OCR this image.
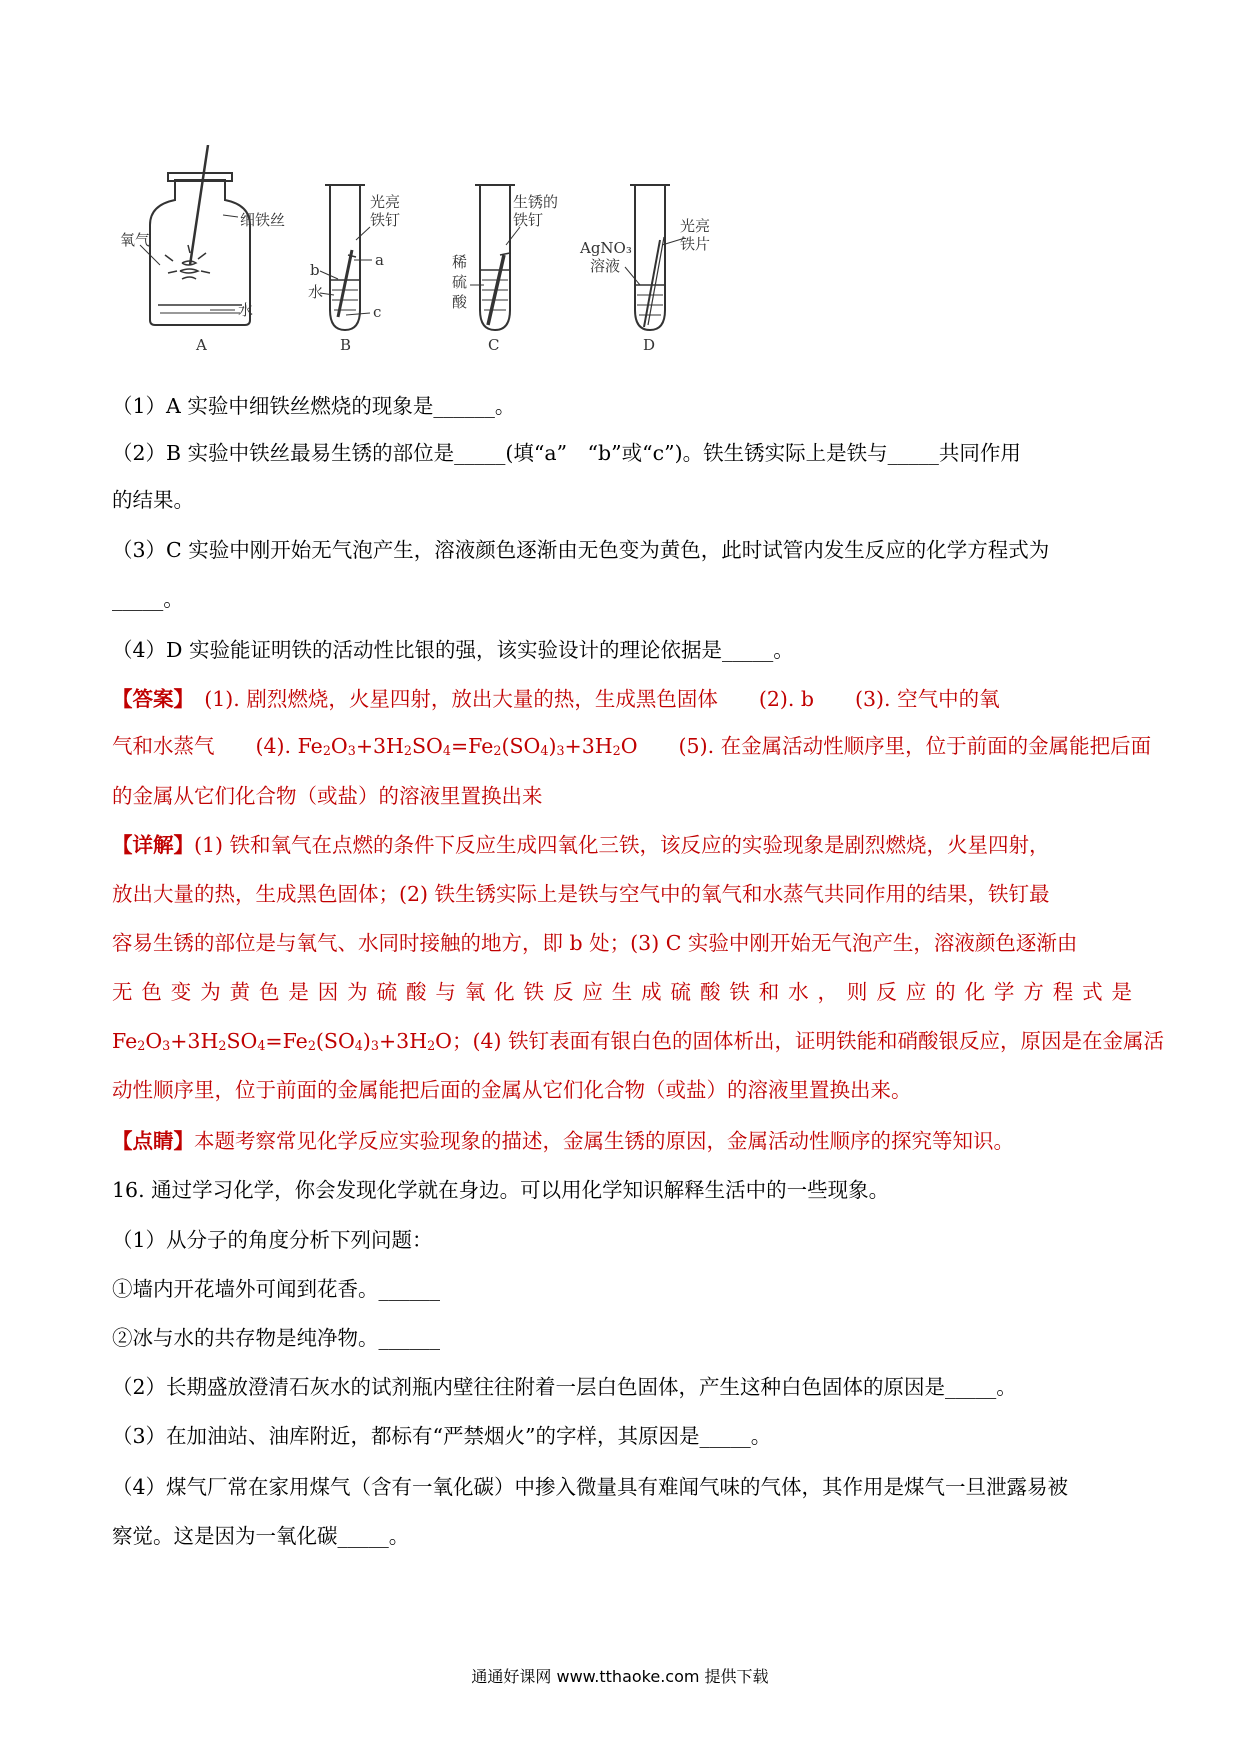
氧气
细铁丝
水
A
光亮
铁钉
a
b
水
c
B
生锈的
铁钉
稀
硫
酸
C
AgNO₃
溶液
光亮
铁片
D
（1）A 实验中细铁丝燃烧的现象是______。
（2）B 实验中铁丝最易生锈的部位是_____(填“a”　“b”或“c”)。铁生锈实际上是铁与_____共同作用
的结果。
（3）C 实验中刚开始无气泡产生，溶液颜色逐渐由无色变为黄色，此时试管内发生反应的化学方程式为
_____。
（4）D 实验能证明铁的活动性比银的强，该实验设计的理论依据是_____。
【答案】　(1). 剧烈燃烧，火星四射，放出大量的热，生成黑色固体　　(2). b　　(3). 空气中的氧
气和水蒸气　　(4). $Fe_2O_3+3H_2SO_4=Fe_2(SO_4)_3+3H_2O$　　(5). 在金属活动性顺序里，位于前面的金属能把后面
的金属从它们化合物（或盐）的溶液里置换出来
【详解】(1) 铁和氧气在点燃的条件下反应生成四氧化三铁，该反应的实验现象是剧烈燃烧，火星四射，
放出大量的热，生成黑色固体；(2) 铁生锈实际上是铁与空气中的氧气和水蒸气共同作用的结果，铁钉最
容易生锈的部位是与氧气、水同时接触的地方，即 b 处；(3) C 实验中刚开始无气泡产生，溶液颜色逐渐由
无色变为黄色是因为硫酸与氧化铁反应生成硫酸铁和水，则反应的化学方程式是
$Fe_2O_3+3H_2SO_4=Fe_2(SO_4)_3+3H_2O$；(4) 铁钉表面有银白色的固体析出，证明铁能和硝酸银反应，原因是在金属活
动性顺序里，位于前面的金属能把后面的金属从它们化合物（或盐）的溶液里置换出来。
【点睛】本题考察常见化学反应实验现象的描述，金属生锈的原因，金属活动性顺序的探究等知识。
16. 通过学习化学，你会发现化学就在身边。可以用化学知识解释生活中的一些现象。
（1）从分子的角度分析下列问题：
①墙内开花墙外可闻到花香。______
②冰与水的共存物是纯净物。______
（2）长期盛放澄清石灰水的试剂瓶内壁往往附着一层白色固体，产生这种白色固体的原因是_____。
（3）在加油站、油库附近，都标有“严禁烟火”的字样，其原因是_____。
（4）煤气厂常在家用煤气（含有一氧化碳）中掺入微量具有难闻气味的气体，其作用是煤气一旦泄露易被
察觉。这是因为一氧化碳_____。
通通好课网 www.tthaoke.com 提供下载
